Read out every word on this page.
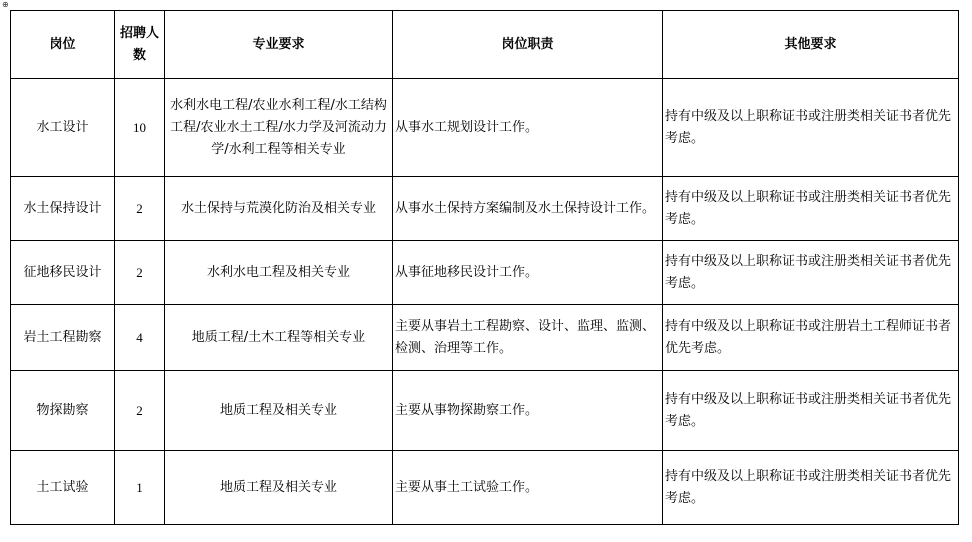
⊕
岗位	招聘人数	专业要求	岗位职责	其他要求
水工设计	10	水利水电工程/农业水利工程/水工结构工程/农业水土工程/水力学及河流动力学/水利工程等相关专业	从事水工规划设计工作。	持有中级及以上职称证书或注册类相关证书者优先考虑。
水土保持设计	2	水土保持与荒漠化防治及相关专业	从事水土保持方案编制及水土保持设计工作。	持有中级及以上职称证书或注册类相关证书者优先考虑。
征地移民设计	2	水利水电工程及相关专业	从事征地移民设计工作。	持有中级及以上职称证书或注册类相关证书者优先考虑。
岩土工程勘察	4	地质工程/土木工程等相关专业	主要从事岩土工程勘察、设计、监理、监测、检测、治理等工作。	持有中级及以上职称证书或注册岩土工程师证书者优先考虑。
物探勘察	2	地质工程及相关专业	主要从事物探勘察工作。	持有中级及以上职称证书或注册类相关证书者优先考虑。
土工试验	1	地质工程及相关专业	主要从事土工试验工作。	持有中级及以上职称证书或注册类相关证书者优先考虑。
